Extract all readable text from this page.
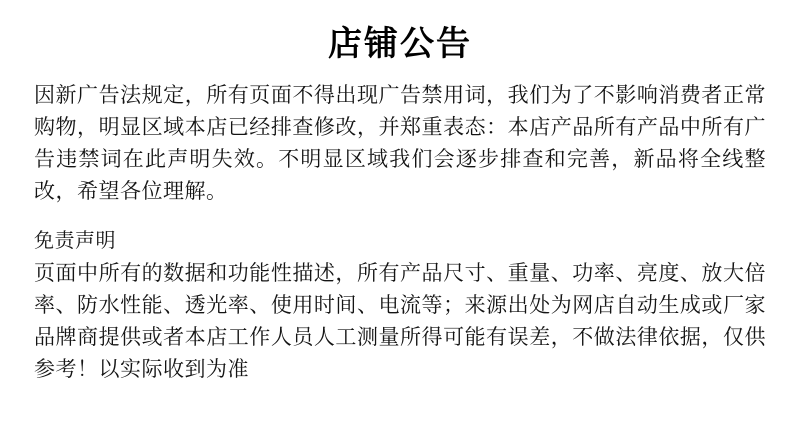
店铺公告

因新广告法规定，所有页面不得出现广告禁用词，我们为了不影响消费者正常购物，明显区域本店已经排查修改，并郑重表态：本店产品所有产品中所有广告违禁词在此声明失效。不明显区域我们会逐步排查和完善，新品将全线整改，希望各位理解。

免责声明

页面中所有的数据和功能性描述，所有产品尺寸、重量、功率、亮度、放大倍率、防水性能、透光率、使用时间、电流等；来源出处为网店自动生成或厂家品牌商提供或者本店工作人员人工测量所得可能有误差，不做法律依据，仅供参考！以实际收到为准
